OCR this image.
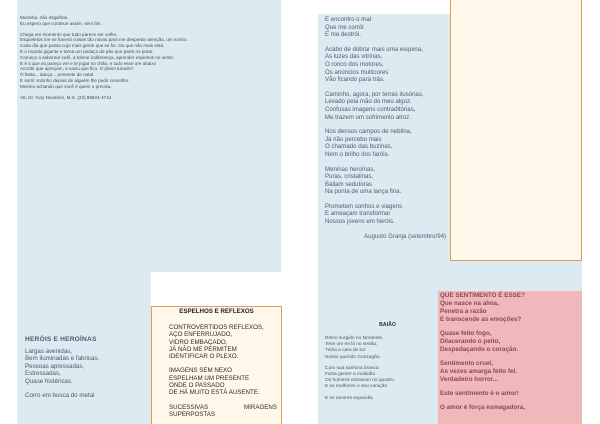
Mussiha, não mlgalhas.
Eu espero que continue assim, sem fim.
Chega um momento que tudo parece ser velho.
Esqueletos me se haverá coisas tão novas para me despertar atenção, um sonho.
Cada dia que passa cujo mais gente que se foi. Ou que não mais está.
E o mundo gigante e torna um pedaço de pão que parte no prato.
Começo a saborear café, a tolerar indiferença, aprender espinhos no vento.
E é a que eu pareço ver e te jogar no chão, e tudo esse ore abaixo
Acrottir que apreçam, e vazio que fico. O plano tunado?
Ó festa... dança... presente de natal.
E sorrir sozinho depois de alguém lhe pedir conselho.
Mesmo achando que você é quem o precisa.
Att, Dr. Yury Novarino, M.S. (22) 99924-4744
HERÓIS E HEROÍNAS
Largas avenidas,
Bem iluminadas e fabricas,
Pessoas apressadas,
Estressadas,
Quase histéricas.
Corro em busca do metal
ESPELHOS E REFLEXOS
CONTROVERTIDOS REFLEXOS,
AÇO ENFERRUJADO,
VIDRO EMBAÇADO,
JÁ NÃO ME PERMITEM
IDENTIFICAR O PLEXO.
IMAGENS SEM NEXO
ESPELHAM UM PRESENTE
ONDE O PASSADO
DE HÁ MUITO ESTÁ AUSENTE.
SUCESSIVAS	MIRAGENS
SUPERPOSTAS
E encontro o mal
Que me corrói
E me destrói.
Acabo de dobrar mais uma esquina,
As luzes das vitrinas,
O ronco dos motores,
Os anúncios multicores
Vão ficando para trás.
Caminho, agora, por terras ilusórias,
Levado pela mão do meu algoz.
Confusas imagens contraditórias,
Me trazem um sofrimento atroz.
Nos densos campos de neblina,
Já não percebo mais
O chamado das buzinas,
Nem o brilho dos faróis.
Meninas heroínas,
Puras, cristalinas,
Bailam sedutoras
Na ponta de uma lança fina.
Prometem sonhos e viagens
E ameaçam transformar
Nossos jovens em heróis.
Augusto Granja (setembro/94)
BAIÃO
Ritmo surgido no Nordeste,
Teve um rei lá no sertão,
Tinha a cara de luz
Nosso querido Gonzagão.
Com sua sanfona branca
Fazia gemer a multidão
Os homens entravam no quadro
E as mulheres o seu coração
E os amores expandia
QUE SENTIMENTO É ESSE?
Que nasce na alma,
Penetra a razão
E transcende as emoções?
Quase feito fogo,
Dilacerando o peito,
Despedaçando o coração.
Sentimento cruel,
As vezes amarga feito fel.
Verdadeiro horror...
Este sentimento é o amor!
O amor é força esmagadora,
